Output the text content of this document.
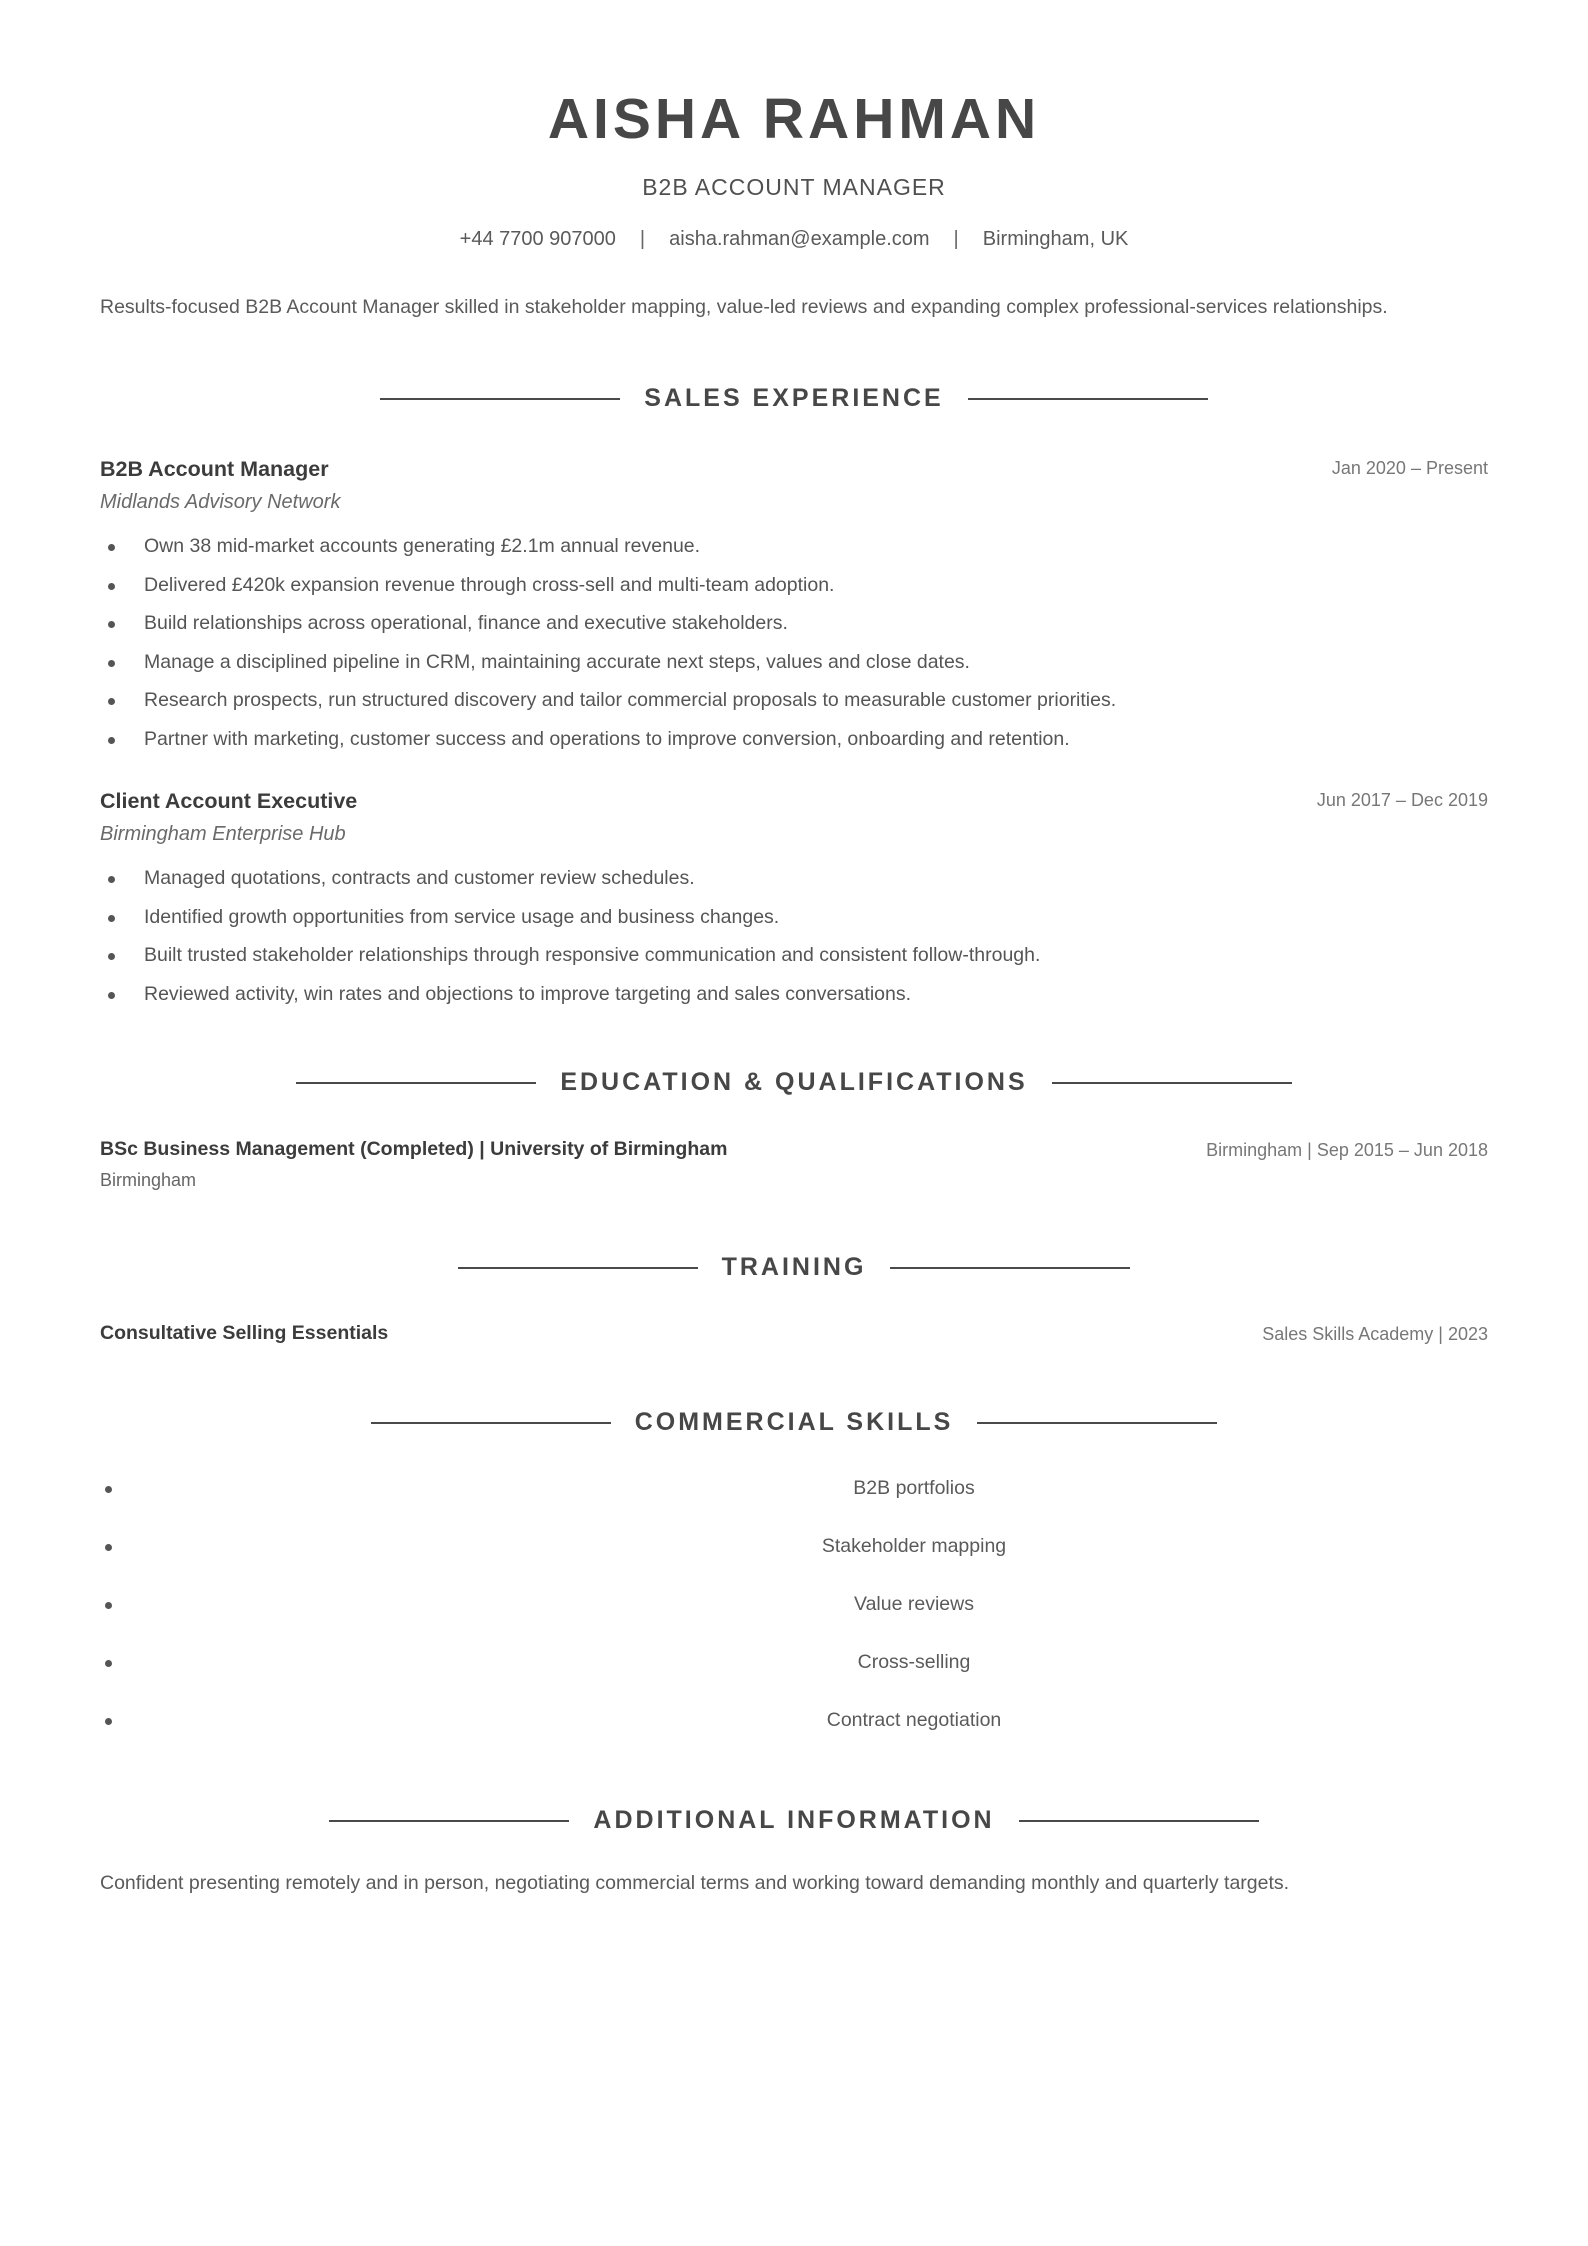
AISHA RAHMAN
B2B ACCOUNT MANAGER
+44 7700 907000 | aisha.rahman@example.com | Birmingham, UK

Results-focused B2B Account Manager skilled in stakeholder mapping, value-led reviews and expanding complex professional-services relationships.

SALES EXPERIENCE
B2B Account Manager	Jan 2020 – Present
Midlands Advisory Network
Own 38 mid-market accounts generating £2.1m annual revenue.
Delivered £420k expansion revenue through cross-sell and multi-team adoption.
Build relationships across operational, finance and executive stakeholders.
Manage a disciplined pipeline in CRM, maintaining accurate next steps, values and close dates.
Research prospects, run structured discovery and tailor commercial proposals to measurable customer priorities.
Partner with marketing, customer success and operations to improve conversion, onboarding and retention.
Client Account Executive	Jun 2017 – Dec 2019
Birmingham Enterprise Hub
Managed quotations, contracts and customer review schedules.
Identified growth opportunities from service usage and business changes.
Built trusted stakeholder relationships through responsive communication and consistent follow-through.
Reviewed activity, win rates and objections to improve targeting and sales conversations.
EDUCATION & QUALIFICATIONS
BSc Business Management (Completed) | University of Birmingham	Birmingham | Sep 2015 – Jun 2018
Birmingham
TRAINING
Consultative Selling Essentials	Sales Skills Academy | 2023
COMMERCIAL SKILLS
B2B portfolios
Stakeholder mapping
Value reviews
Cross-selling
Contract negotiation
ADDITIONAL INFORMATION

Confident presenting remotely and in person, negotiating commercial terms and working toward demanding monthly and quarterly targets.
